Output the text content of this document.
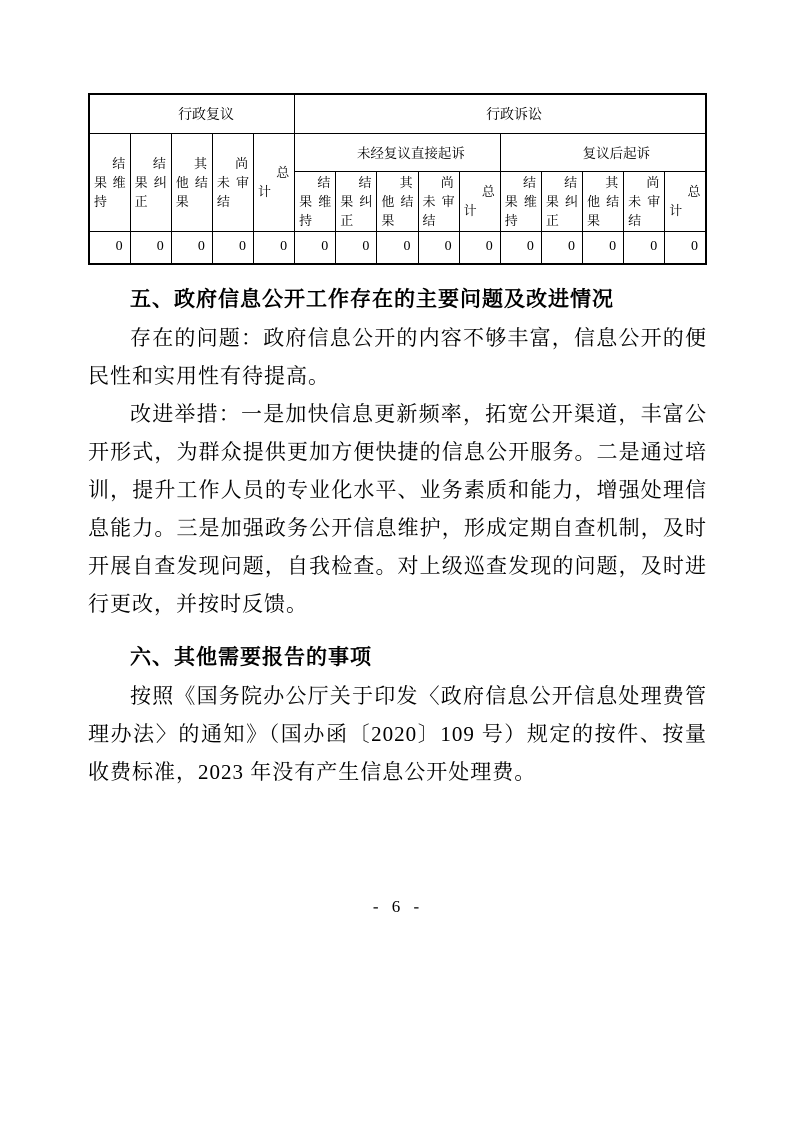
行政复议					行政诉讼									
结果维持	结果纠正	其他结果	尚未审结	总计	未经复议直接起诉					复议后起诉				
					结果维持	结果纠正	其他结果	尚未审结	总计	结果维持	结果纠正	其他结果	尚未审结	总计
0	0	0	0	0	0	0	0	0	0	0	0	0	0	0
五、政府信息公开工作存在的主要问题及改进情况

存在的问题：政府信息公开的内容不够丰富，信息公开的便民性和实用性有待提高。

改进举措：一是加快信息更新频率，拓宽公开渠道，丰富公开形式，为群众提供更加方便快捷的信息公开服务。二是通过培训，提升工作人员的专业化水平、业务素质和能力，增强处理信息能力。三是加强政务公开信息维护，形成定期自查机制，及时开展自查发现问题，自我检查。对上级巡查发现的问题，及时进行更改，并按时反馈。

六、其他需要报告的事项

按照《国务院办公厅关于印发〈政府信息公开信息处理费管理办法〉的通知》（国办函〔2020〕109 号）规定的按件、按量收费标准，2023 年没有产生信息公开处理费。

- 6 -
